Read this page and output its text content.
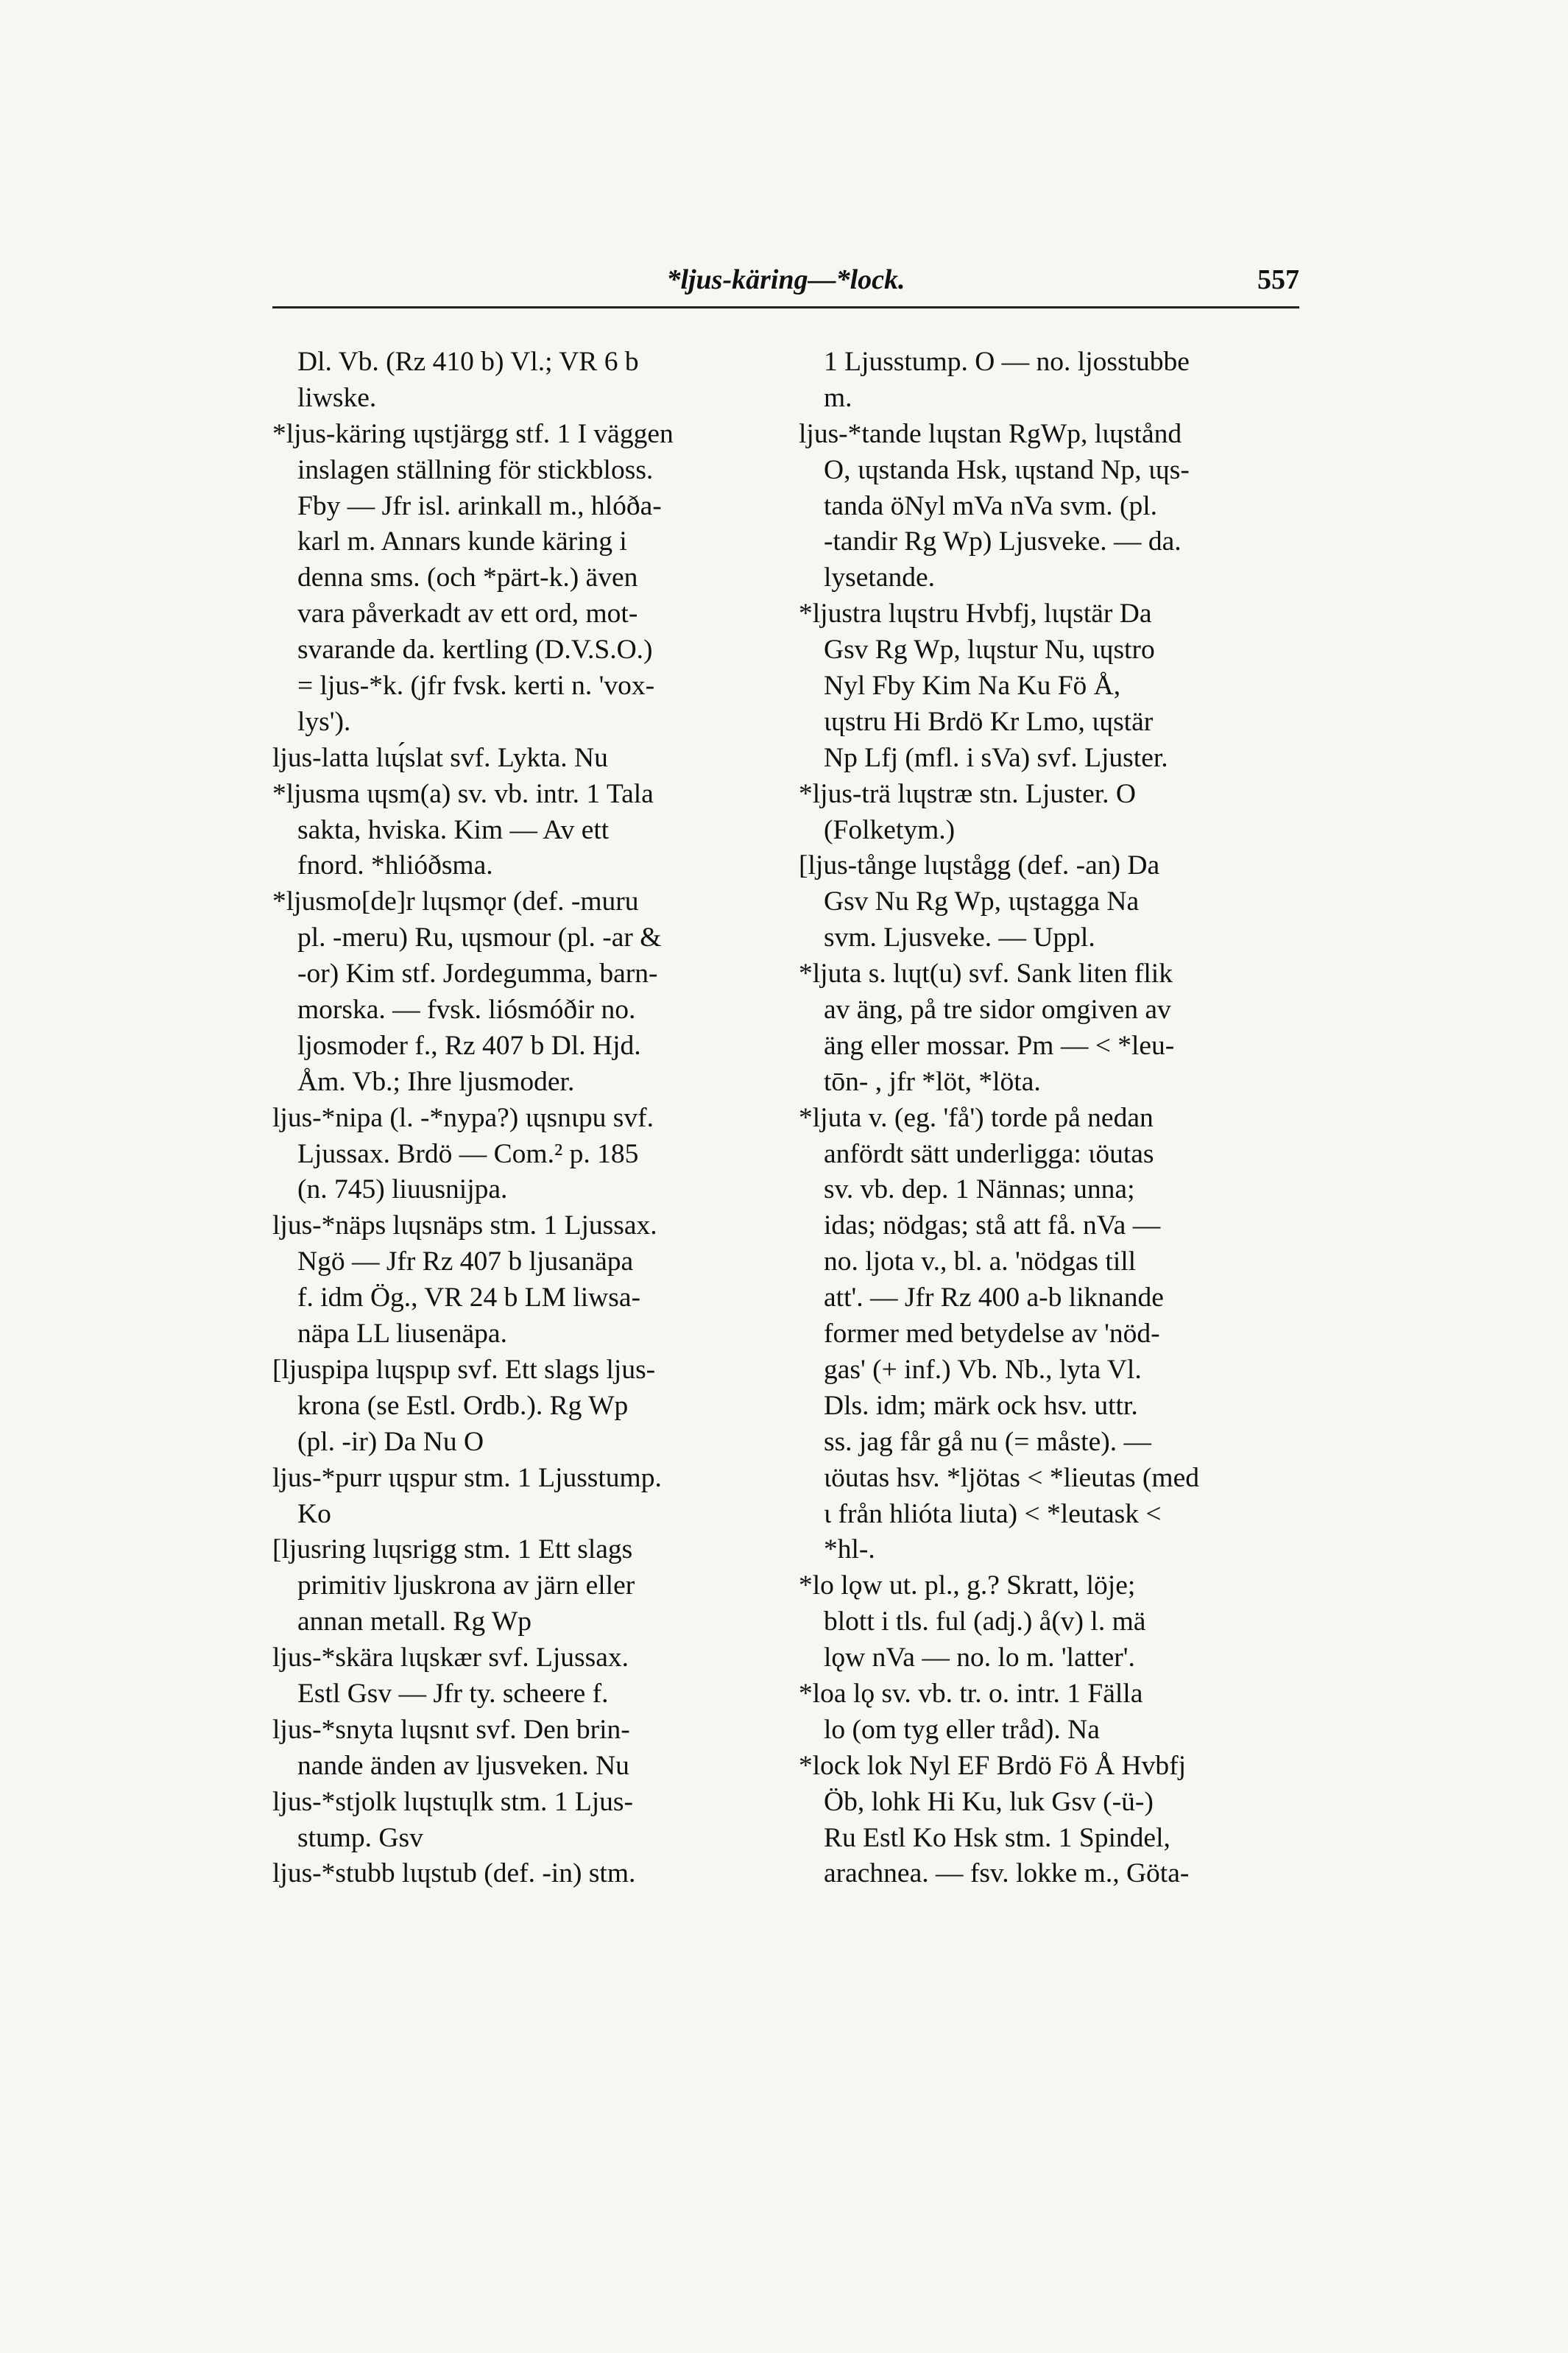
*ljus-käring—*lock.	557
Dl. Vb. (Rz 410 b) Vl.; VR 6 b
liwske.
*ljus-käring ɩɥstjärgg stf. 1 I väggen
inslagen ställning för stickbloss.
Fby — Jfr isl. arinkall m., hlóða-
karl m. Annars kunde käring i
denna sms. (och *pärt-k.) även
vara påverkadt av ett ord, mot-
svarande da. kertling (D.V.S.O.)
= ljus-*k. (jfr fvsk. kerti n. 'vox-
lys').
ljus-latta lɩɥ́slat svf. Lykta. Nu
*ljusma ɩɥsm(a) sv. vb. intr. 1 Tala
sakta, hviska. Kim — Av ett
fnord. *hlióðsma.
*ljusmo[de]r lɩɥsmǫr (def. -muru
pl. -meru) Ru, ɩɥsmour (pl. -ar &
-or) Kim stf. Jordegumma, barn-
morska. — fvsk. liósmóðir no.
ljosmoder f., Rz 407 b Dl. Hjd.
Åm. Vb.; Ihre ljusmoder.
ljus-*nipa (l. -*nypa?) ɩɥsnɩpu svf.
Ljussax. Brdö — Com.² p. 185
(n. 745) liuusnijpa.
ljus-*näps lɩɥsnäps stm. 1 Ljussax.
Ngö — Jfr Rz 407 b ljusanäpa
f. idm Ög., VR 24 b LM liwsa-
näpa LL liusenäpa.
[ljuspipa lɩɥspɩp svf. Ett slags ljus-
krona (se Estl. Ordb.). Rg Wp
(pl. -ir) Da Nu O
ljus-*purr ɩɥspur stm. 1 Ljusstump.
Ko
[ljusring lɩɥsrigg stm. 1 Ett slags
primitiv ljuskrona av järn eller
annan metall. Rg Wp
ljus-*skära lɩɥskær svf. Ljussax.
Estl Gsv — Jfr ty. scheere f.
ljus-*snyta lɩɥsnɩt svf. Den brin-
nande änden av ljusveken. Nu
ljus-*stjolk lɩɥstɩɥlk stm. 1 Ljus-
stump. Gsv
ljus-*stubb lɩɥstub (def. -in) stm.
1 Ljusstump. O — no. ljosstubbe
m.
ljus-*tande lɩɥstan RgWp, lɩɥstånd
O, ɩɥstanda Hsk, ɩɥstand Np, ɩɥs-
tanda öNyl mVa nVa svm. (pl.
-tandir Rg Wp) Ljusveke. — da.
lysetande.
*ljustra lɩɥstru Hvbfj, lɩɥstär Da
Gsv Rg Wp, lɩɥstur Nu, ɩɥstro
Nyl Fby Kim Na Ku Fö Å,
ɩɥstru Hi Brdö Kr Lmo, ɩɥstär
Np Lfj (mfl. i sVa) svf. Ljuster.
*ljus-trä lɩɥstræ stn. Ljuster. O
(Folketym.)
[ljus-tånge lɩɥstågg (def. -an) Da
Gsv Nu Rg Wp, ɩɥstagga Na
svm. Ljusveke. — Uppl.
*ljuta s. lɩɥt(u) svf. Sank liten flik
av äng, på tre sidor omgiven av
äng eller mossar. Pm — < *leu-
tōn- , jfr *löt, *löta.
*ljuta v. (eg. 'få') torde på nedan
anfördt sätt underligga: ɩöutas
sv. vb. dep. 1 Nännas; unna;
idas; nödgas; stå att få. nVa —
no. ljota v., bl. a. 'nödgas till
att'. — Jfr Rz 400 a-b liknande
former med betydelse av 'nöd-
gas' (+ inf.) Vb. Nb., lyta Vl.
Dls. idm; märk ock hsv. uttr.
ss. jag får gå nu (= måste). —
ɩöutas hsv. *ljötas < *lieutas (med
ɩ från hlióta liuta) < *leutask <
*hl-.
*lo lǫw ut. pl., g.? Skratt, löje;
blott i tls. ful (adj.) å(v) l. mä
lǫw nVa — no. lo m. 'latter'.
*loa lǫ sv. vb. tr. o. intr. 1 Fälla
lo (om tyg eller tråd). Na
*lock lok Nyl EF Brdö Fö Å Hvbfj
Öb, lohk Hi Ku, luk Gsv (-ü-)
Ru Estl Ko Hsk stm. 1 Spindel,
arachnea. — fsv. lokke m., Göta-
